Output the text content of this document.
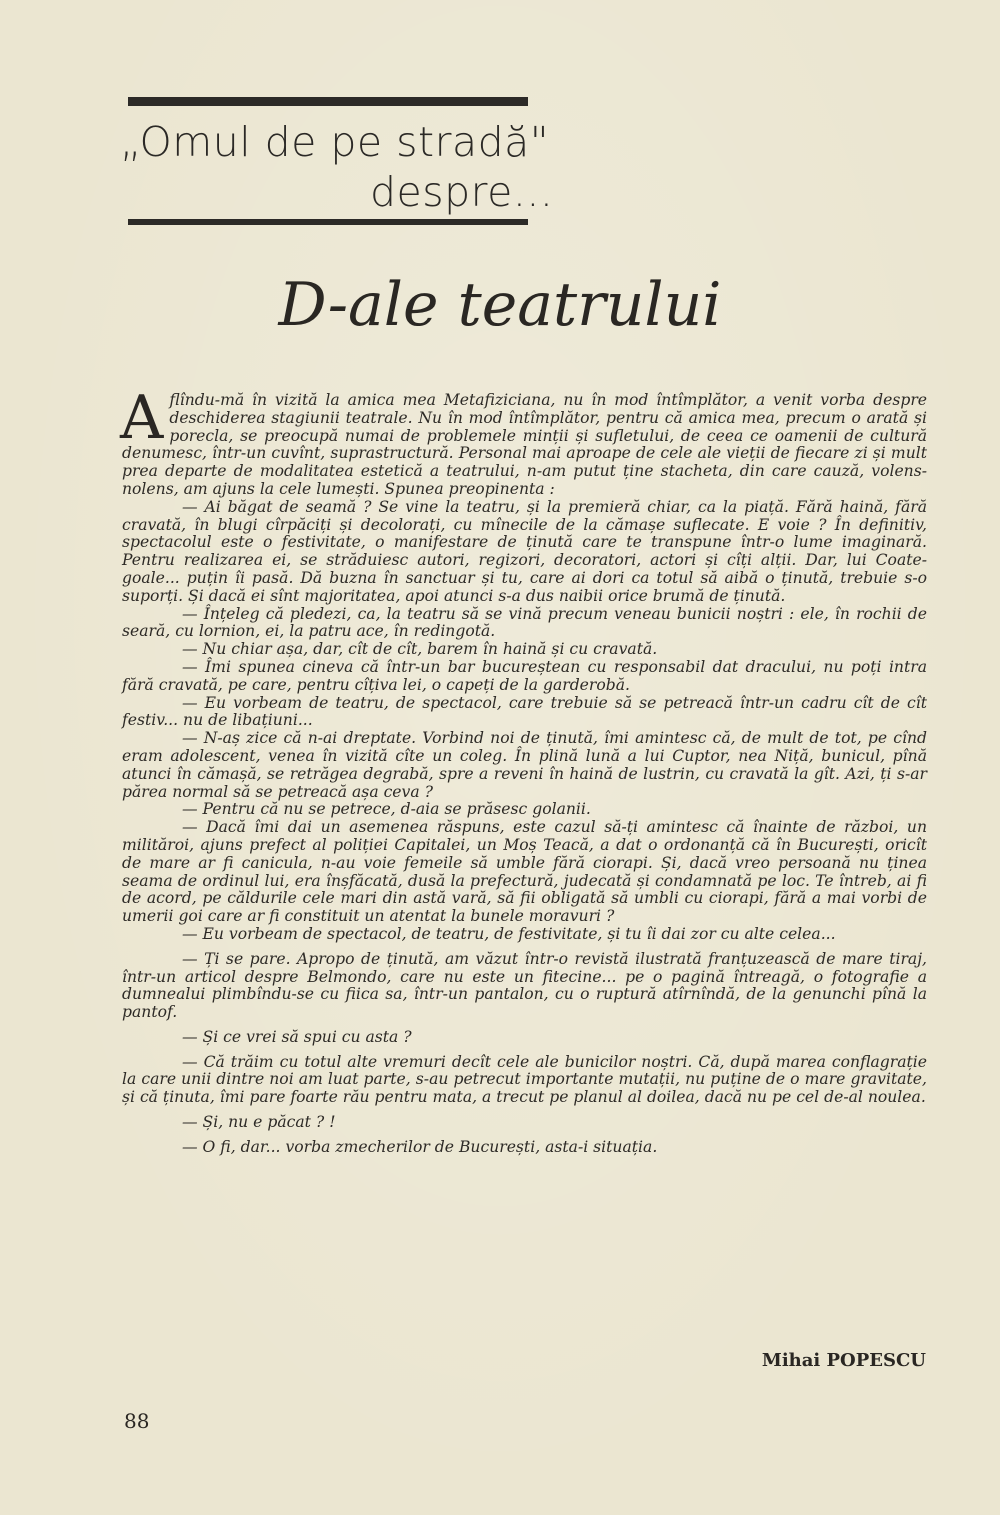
„Omul de pe stradă"
despre...
D-ale teatrului

Aflîndu-mă în vizită la amica mea Metafiziciana, nu în mod întîmplător, a venit vorba despre deschiderea stagiunii teatrale. Nu în mod întîmplător, pentru că amica mea, precum o arată și porecla, se preocupă numai de problemele minții și sufletului, de ceea ce oamenii de cultură denumesc, într-un cuvînt, suprastructură. Personal mai aproape de cele ale vieții de fiecare zi și mult prea departe de modalitatea estetică a teatrului, n-am putut ține stacheta, din care cauză, volens-nolens, am ajuns la cele lumești. Spunea preopinenta :

— Ai băgat de seamă ? Se vine la teatru, și la premieră chiar, ca la piață. Fără haină, fără cravată, în blugi cîrpăciți și decolorați, cu mînecile de la cămașe suflecate. E voie ? În definitiv, spectacolul este o festivitate, o manifestare de ținută care te transpune într-o lume imaginară. Pentru realizarea ei, se străduiesc autori, regizori, decoratori, actori și cîți alții. Dar, lui Coate-goale... puțin îi pasă. Dă buzna în sanctuar și tu, care ai dori ca totul să aibă o ținută, trebuie s-o suporți. Și dacă ei sînt majoritatea, apoi atunci s-a dus naibii orice brumă de ținută.

— Înțeleg că pledezi, ca, la teatru să se vină precum veneau bunicii noștri : ele, în rochii de seară, cu lornion, ei, la patru ace, în redingotă.

— Nu chiar așa, dar, cît de cît, barem în haină și cu cravată.

— Îmi spunea cineva că într-un bar bucureștean cu responsabil dat dracului, nu poți intra fără cravată, pe care, pentru cîțiva lei, o capeți de la garderobă.

— Eu vorbeam de teatru, de spectacol, care trebuie să se petreacă într-un cadru cît de cît festiv... nu de libațiuni...

— N-aș zice că n-ai dreptate. Vorbind noi de ținută, îmi amintesc că, de mult de tot, pe cînd eram adolescent, venea în vizită cîte un coleg. În plină lună a lui Cuptor, nea Niță, bunicul, pînă atunci în cămașă, se retrăgea degrabă, spre a reveni în haină de lustrin, cu cravată la gît. Azi, ți s-ar părea normal să se petreacă așa ceva ?

— Pentru că nu se petrece, d-aia se prăsesc golanii.

— Dacă îmi dai un asemenea răspuns, este cazul să-ți amintesc că înainte de război, un milităroi, ajuns prefect al poliției Capitalei, un Moș Teacă, a dat o ordonanță că în București, oricît de mare ar fi canicula, n-au voie femeile să umble fără ciorapi. Și, dacă vreo persoană nu ținea seama de ordinul lui, era înșfăcată, dusă la prefectură, judecată și condamnată pe loc. Te întreb, ai fi de acord, pe căldurile cele mari din astă vară, să fii obligată să umbli cu ciorapi, fără a mai vorbi de umerii goi care ar fi constituit un atentat la bunele moravuri ?

— Eu vorbeam de spectacol, de teatru, de festivitate, și tu îi dai zor cu alte celea...

— Ți se pare. Apropo de ținută, am văzut într-o revistă ilustrată franțuzească de mare tiraj, într-un articol despre Belmondo, care nu este un fitecine... pe o pagină întreagă, o fotografie a dumnealui plimbîndu-se cu fiica sa, într-un pantalon, cu o ruptură atîrnîndă, de la genunchi pînă la pantof.

— Și ce vrei să spui cu asta ?

— Că trăim cu totul alte vremuri decît cele ale bunicilor noștri. Că, după marea conflagrație la care unii dintre noi am luat parte, s-au petrecut importante mutații, nu puține de o mare gravitate, și că ținuta, îmi pare foarte rău pentru mata, a trecut pe planul al doilea, dacă nu pe cel de-al noulea.

— Și, nu e păcat ? !

— O fi, dar... vorba zmecherilor de București, asta-i situația.

Mihai POPESCU
88
